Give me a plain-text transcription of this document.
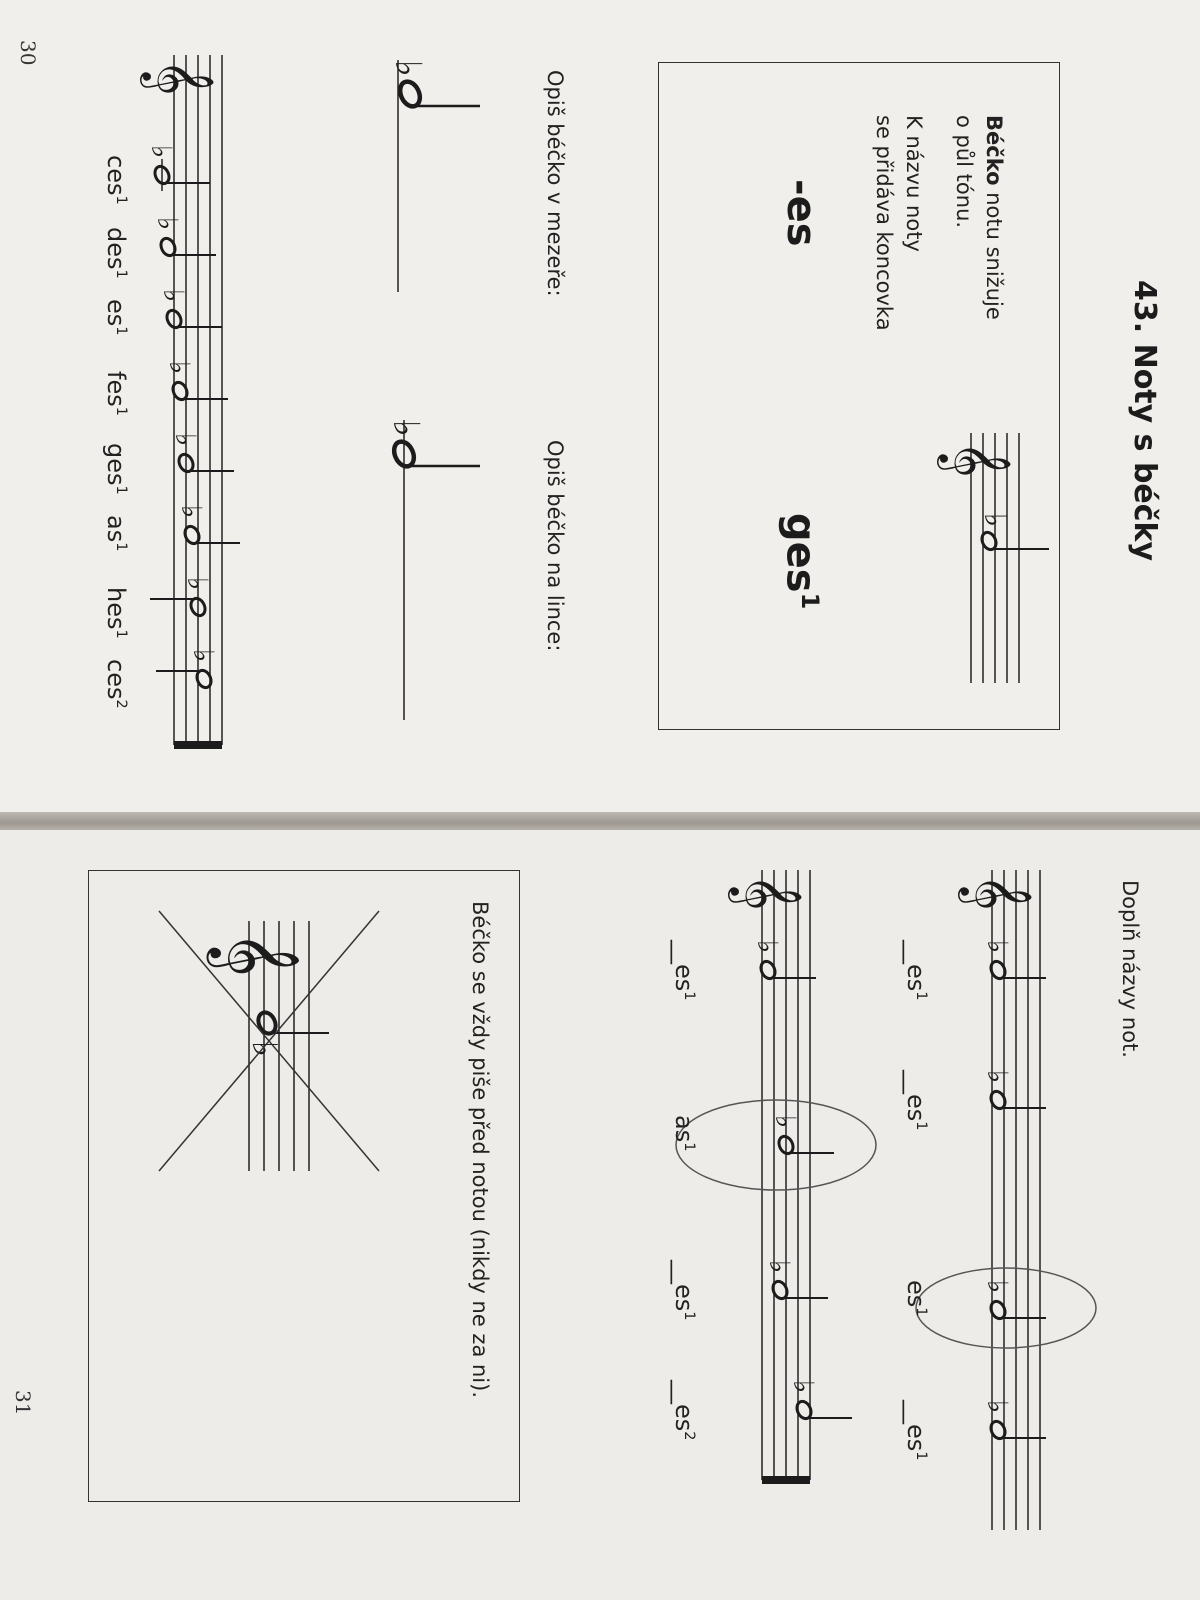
30
43. Noty s béčky
Béčko notu snižuje
o půl tónu.
K názvu noty
se přidáva koncovka
-es
ges$^1$
𝄞
♭
Opiš béčko v mezeře:
Opiš béčko na lince:
♭
♭
𝄞
♭
♭
♭
♭
♭
♭
♭
♭
ces$^1$
des$^1$
$es^1$
fes$^1$
ges$^1$
$as^1$
hes$^1$
ces$^2$
31
Doplň názvy not.
𝄞
♭
♭
♭
♭
$\_\_es^1$
$\_\_es^1$
$es^1$
$\_\_es^1$
𝄞
♭
♭
♭
♭
$\_\_es^1$
$as^1$
$\_\_es^1$
$\_\_es^2$
Béčko se vždy piše před notou (nikdy ne za ni).
𝄞
♭
